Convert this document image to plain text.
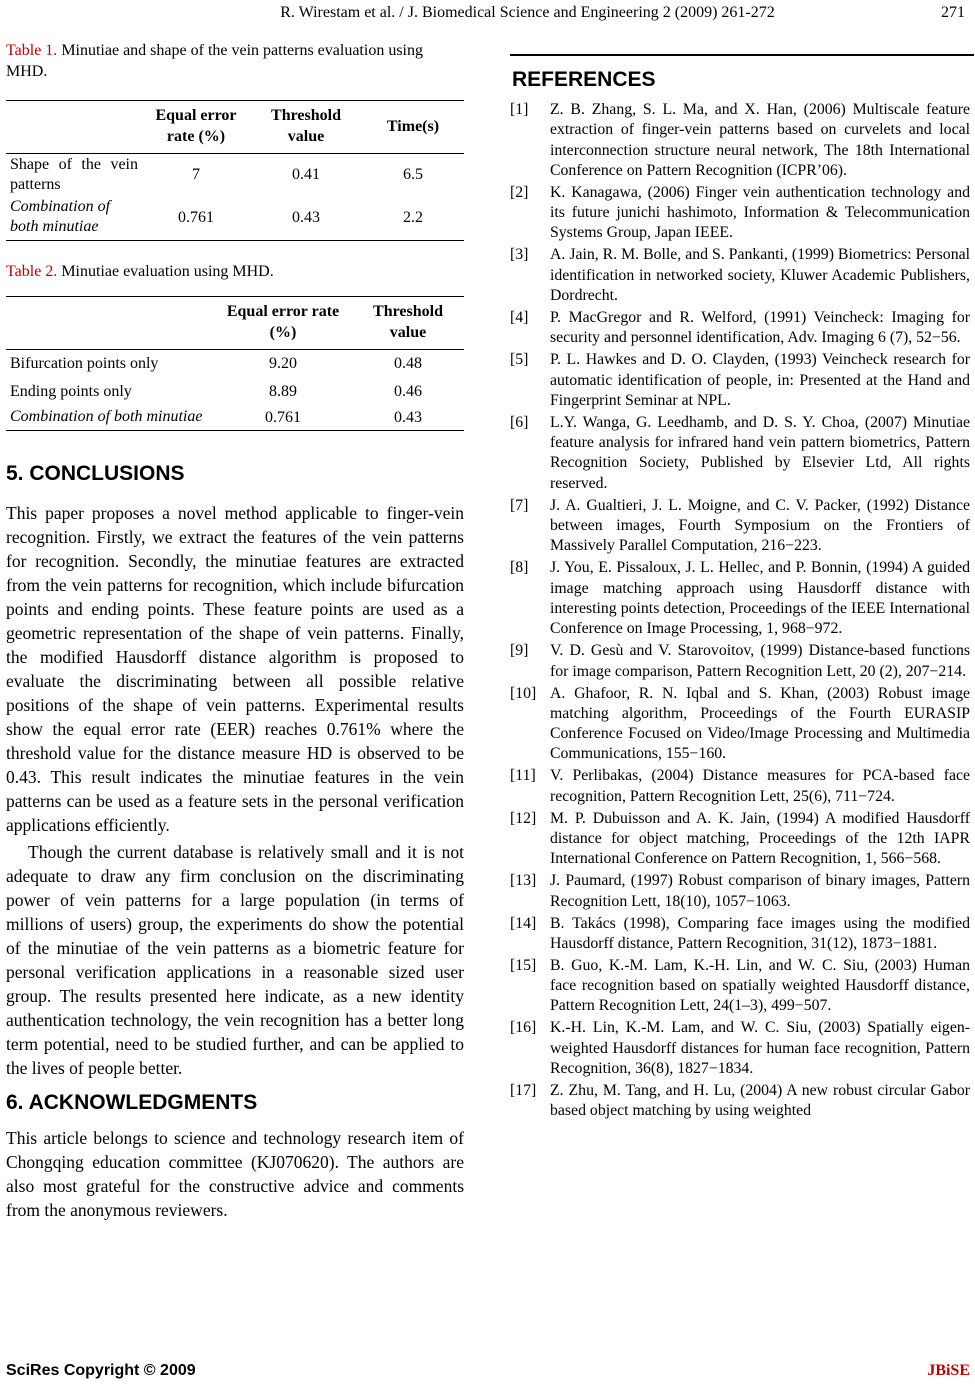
R. Wirestam et al. / J. Biomedical Science and Engineering 2 (2009) 261-272	271

Table 1. Minutiae and shape of the vein patterns evaluation using MHD.

	Equal error rate (%)	Threshold value	Time(s)
Shape of the vein patterns	7	0.41	6.5
Combination of both minutiae	0.761	0.43	2.2

Table 2. Minutiae evaluation using MHD.

	Equal error rate (%)	Threshold value
Bifurcation points only	9.20	0.48
Ending points only	8.89	0.46
Combination of both minutiae	0.761	0.43
5. CONCLUSIONS

This paper proposes a novel method applicable to finger-vein recognition. Firstly, we extract the features of the vein patterns for recognition. Secondly, the minutiae features are extracted from the vein patterns for recognition, which include bifurcation points and ending points. These feature points are used as a geometric representation of the shape of vein patterns. Finally, the modified Hausdorff distance algorithm is proposed to evaluate the discriminating between all possible relative positions of the shape of vein patterns. Experimental results show the equal error rate (EER) reaches 0.761% where the threshold value for the distance measure HD is observed to be 0.43. This result indicates the minutiae features in the vein patterns can be used as a feature sets in the personal verification applications efficiently.

Though the current database is relatively small and it is not adequate to draw any firm conclusion on the discriminating power of vein patterns for a large population (in terms of millions of users) group, the experiments do show the potential of the minutiae of the vein patterns as a biometric feature for personal verification applications in a reasonable sized user group. The results presented here indicate, as a new identity authentication technology, the vein recognition has a better long term potential, need to be studied further, and can be applied to the lives of people better.

6. ACKNOWLEDGMENTS

This article belongs to science and technology research item of Chongqing education committee (KJ070620). The authors are also most grateful for the constructive advice and comments from the anonymous reviewers.

REFERENCES
[1]	Z. B. Zhang, S. L. Ma, and X. Han, (2006) Multiscale feature extraction of finger-vein patterns based on curvelets and local interconnection structure neural network, The 18th International Conference on Pattern Recognition (ICPR’06).
[2]	K. Kanagawa, (2006) Finger vein authentication technology and its future junichi hashimoto, Information & Telecommunication Systems Group, Japan IEEE.
[3]	A. Jain, R. M. Bolle, and S. Pankanti, (1999) Biometrics: Personal identification in networked society, Kluwer Academic Publishers, Dordrecht.
[4]	P. MacGregor and R. Welford, (1991) Veincheck: Imaging for security and personnel identification, Adv. Imaging 6 (7), 52−56.
[5]	P. L. Hawkes and D. O. Clayden, (1993) Veincheck research for automatic identification of people, in: Presented at the Hand and Fingerprint Seminar at NPL.
[6]	L.Y. Wanga, G. Leedhamb, and D. S. Y. Choa, (2007) Minutiae feature analysis for infrared hand vein pattern biometrics, Pattern Recognition Society, Published by Elsevier Ltd, All rights reserved.
[7]	J. A. Gualtieri, J. L. Moigne, and C. V. Packer, (1992) Distance between images, Fourth Symposium on the Frontiers of Massively Parallel Computation, 216−223.
[8]	J. You, E. Pissaloux, J. L. Hellec, and P. Bonnin, (1994) A guided image matching approach using Hausdorff distance with interesting points detection, Proceedings of the IEEE International Conference on Image Processing, 1, 968−972.
[9]	V. D. Gesù and V. Starovoitov, (1999) Distance-based functions for image comparison, Pattern Recognition Lett, 20 (2), 207−214.
[10] A. Ghafoor, R. N. Iqbal and S. Khan, (2003) Robust image matching algorithm, Proceedings of the Fourth EURASIP Conference Focused on Video/Image Processing and Multimedia Communications, 155−160.
[11] V. Perlibakas, (2004) Distance measures for PCA-based face recognition, Pattern Recognition Lett, 25(6), 711−724.
[12] M. P. Dubuisson and A. K. Jain, (1994) A modified Hausdorff distance for object matching, Proceedings of the 12th IAPR International Conference on Pattern Recognition, 1, 566−568.
[13] J. Paumard, (1997) Robust comparison of binary images, Pattern Recognition Lett, 18(10), 1057−1063.
[14] B. Takács (1998), Comparing face images using the modified Hausdorff distance, Pattern Recognition, 31(12), 1873−1881.
[15] B. Guo, K.-M. Lam, K.-H. Lin, and W. C. Siu, (2003) Human face recognition based on spatially weighted Hausdorff distance, Pattern Recognition Lett, 24(1–3), 499−507.
[16] K.-H. Lin, K.-M. Lam, and W. C. Siu, (2003) Spatially eigen-weighted Hausdorff distances for human face recognition, Pattern Recognition, 36(8), 1827−1834.
[17] Z. Zhu, M. Tang, and H. Lu, (2004) A new robust circular Gabor based object matching by using weighted
SciRes Copyright © 2009	JBiSE
